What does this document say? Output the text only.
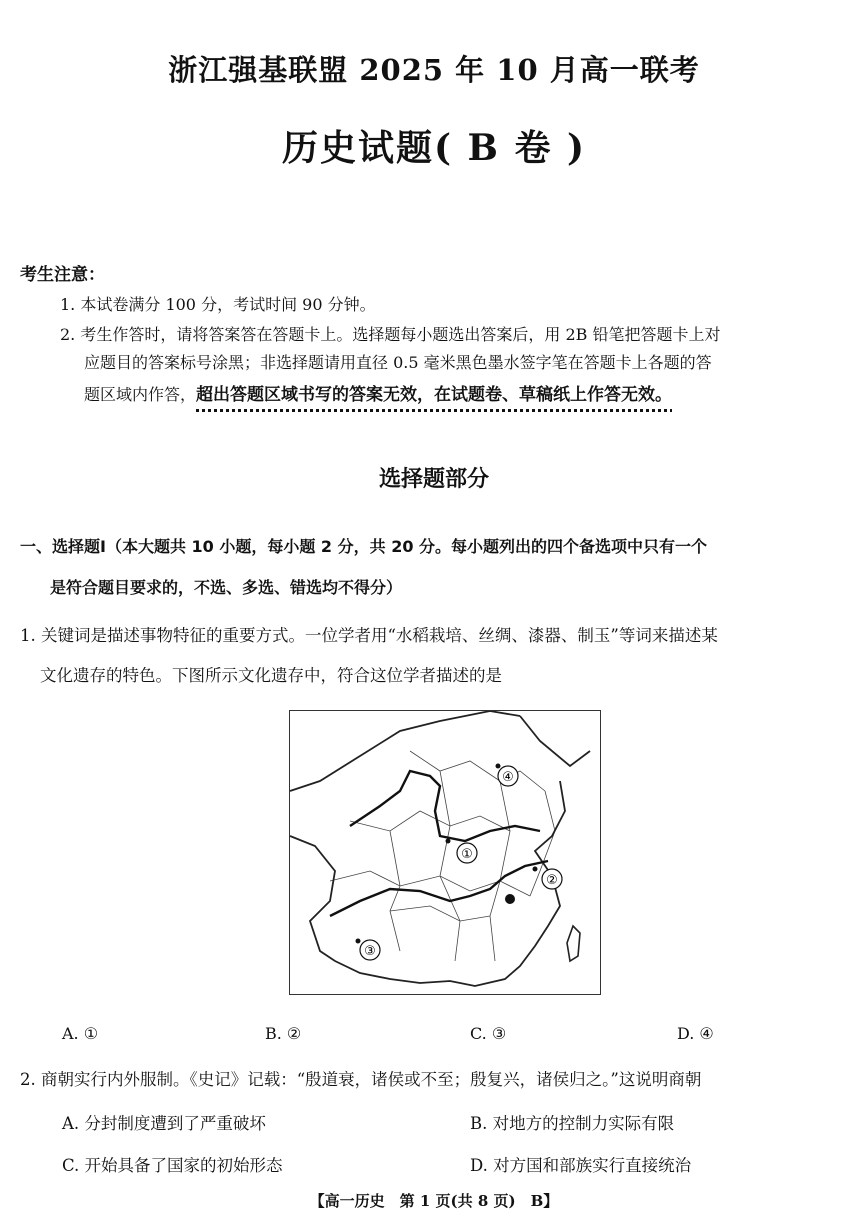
浙江强基联盟 2025 年 10 月高一联考
历史试题( B 卷 )
考生注意：
1. 本试卷满分 100 分，考试时间 90 分钟。
2. 考生作答时，请将答案答在答题卡上。选择题每小题选出答案后，用 2B 铅笔把答题卡上对
应题目的答案标号涂黑；非选择题请用直径 0.5 毫米黑色墨水签字笔在答题卡上各题的答
题区域内作答，超出答题区域书写的答案无效，在试题卷、草稿纸上作答无效。
选择题部分
一、选择题Ⅰ（本大题共 10 小题，每小题 2 分，共 20 分。每小题列出的四个备选项中只有一个
是符合题目要求的，不选、多选、错选均不得分）
1. 关键词是描述事物特征的重要方式。一位学者用“水稻栽培、丝绸、漆器、制玉”等词来描述某
文化遗存的特色。下图所示文化遗存中，符合这位学者描述的是
①
②
③
④
A. ①	B. ②	C. ③	D. ④
2. 商朝实行内外服制。《史记》记载：“殷道衰，诸侯或不至；殷复兴，诸侯归之。”这说明商朝
A. 分封制度遭到了严重破坏	B. 对地方的控制力实际有限
C. 开始具备了国家的初始形态	D. 对方国和部族实行直接统治
【高一历史　第 1 页(共 8 页)　B】
